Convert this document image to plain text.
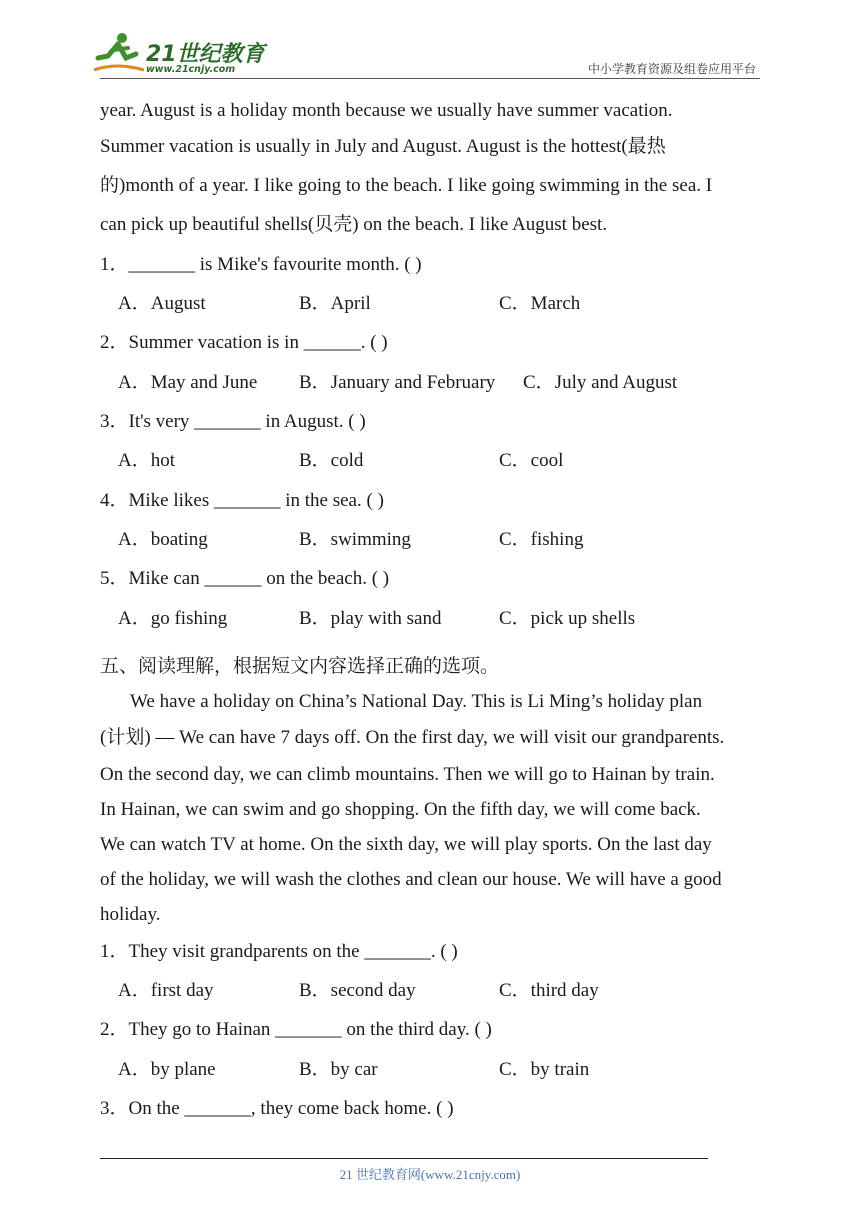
21世纪教育
www.21cnjy.com	中小学教育资源及组卷应用平台
year. August is a holiday month because we usually have summer vacation.
Summer vacation is usually in July and August. August is the hottest(最热
的)month of a year. I like going to the beach. I like going swimming in the sea. I
can pick up beautiful shells(贝壳) on the beach. I like August best.
1．_______ is Mike's favourite month. ( )
A．August	B．April	C．March
2．Summer vacation is in ______. ( )
A．May and June B．January and February C．July and August
3．It's very _______ in August. ( )
A．hot	B．cold	C．cool
4．Mike likes _______ in the sea. ( )
A．boating	B．swimming	C．fishing
5．Mike can ______ on the beach. ( )
A．go fishing	B．play with sand	C．pick up shells
五、阅读理解，根据短文内容选择正确的选项。
We have a holiday on China’s National Day. This is Li Ming’s holiday plan
(计划) — We can have 7 days off. On the first day, we will visit our grandparents.
On the second day, we can climb mountains. Then we will go to Hainan by train.
In Hainan, we can swim and go shopping. On the fifth day, we will come back.
We can watch TV at home. On the sixth day, we will play sports. On the last day
of the holiday, we will wash the clothes and clean our house. We will have a good
holiday.
1．They visit grandparents on the _______. ( )
A．first day	B．second day	C．third day
2．They go to Hainan _______ on the third day. ( )
A．by plane	B．by car	C．by train
3．On the _______, they come back home. ( )
21 世纪教育网(www.21cnjy.com)
